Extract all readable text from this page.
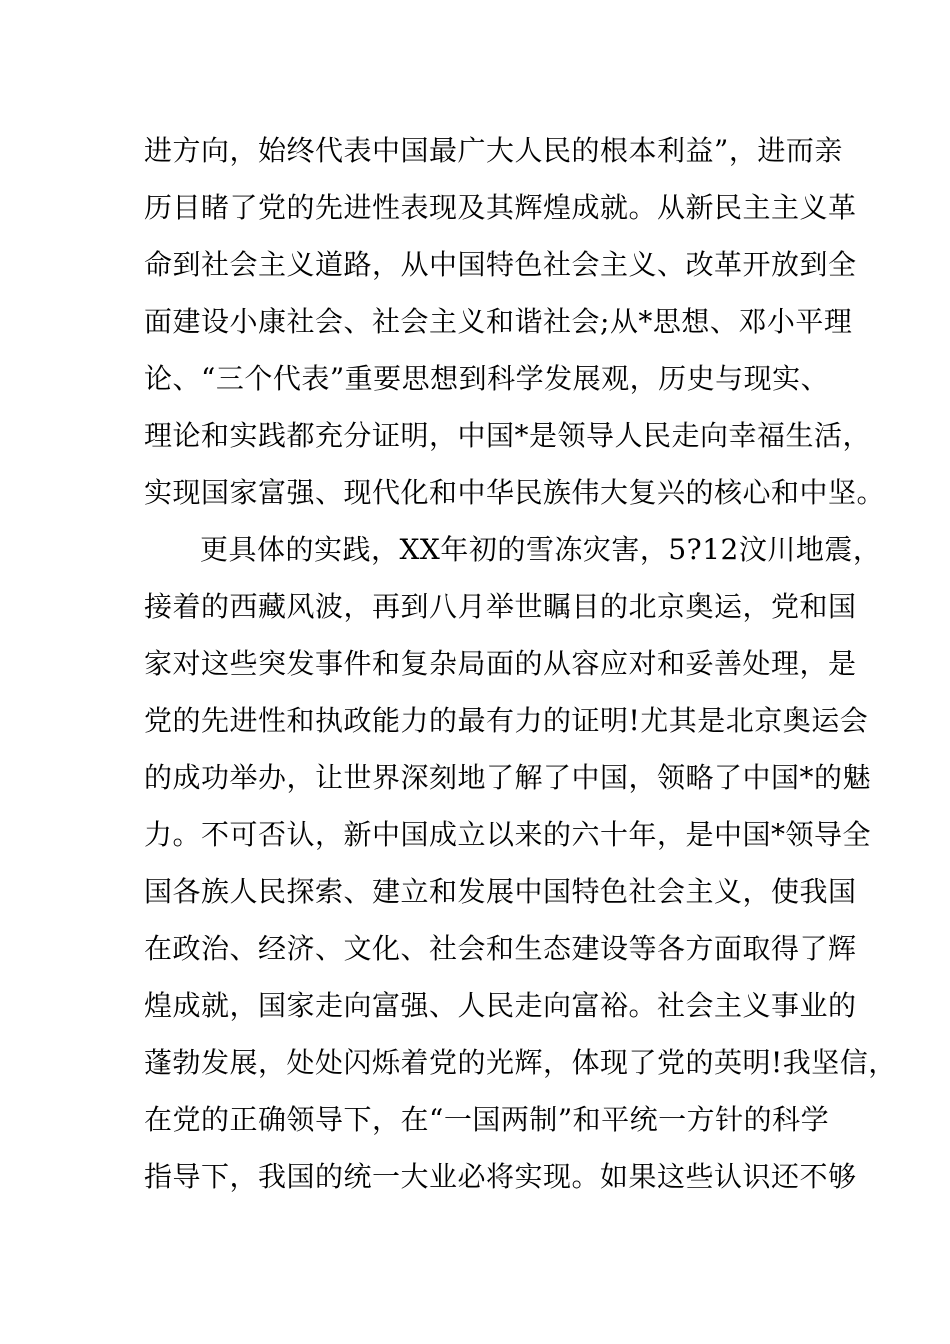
进方向，始终代表中国最广大人民的根本利益”，进而亲
历目睹了党的先进性表现及其辉煌成就。从新民主主义革
命到社会主义道路，从中国特色社会主义、改革开放到全
面建设小康社会、社会主义和谐社会;从*思想、邓小平理
论、“三个代表”重要思想到科学发展观，历史与现实、
理论和实践都充分证明，中国*是领导人民走向幸福生活，
实现国家富强、现代化和中华民族伟大复兴的核心和中坚。
更具体的实践，XX年初的雪冻灾害，5?12汶川地震，
接着的西藏风波，再到八月举世瞩目的北京奥运，党和国
家对这些突发事件和复杂局面的从容应对和妥善处理，是
党的先进性和执政能力的最有力的证明!尤其是北京奥运会
的成功举办，让世界深刻地了解了中国，领略了中国*的魅
力。不可否认，新中国成立以来的六十年，是中国*领导全
国各族人民探索、建立和发展中国特色社会主义，使我国
在政治、经济、文化、社会和生态建设等各方面取得了辉
煌成就，国家走向富强、人民走向富裕。社会主义事业的
蓬勃发展，处处闪烁着党的光辉，体现了党的英明!我坚信，
在党的正确领导下，在“一国两制”和平统一方针的科学
指导下，我国的统一大业必将实现。如果这些认识还不够
